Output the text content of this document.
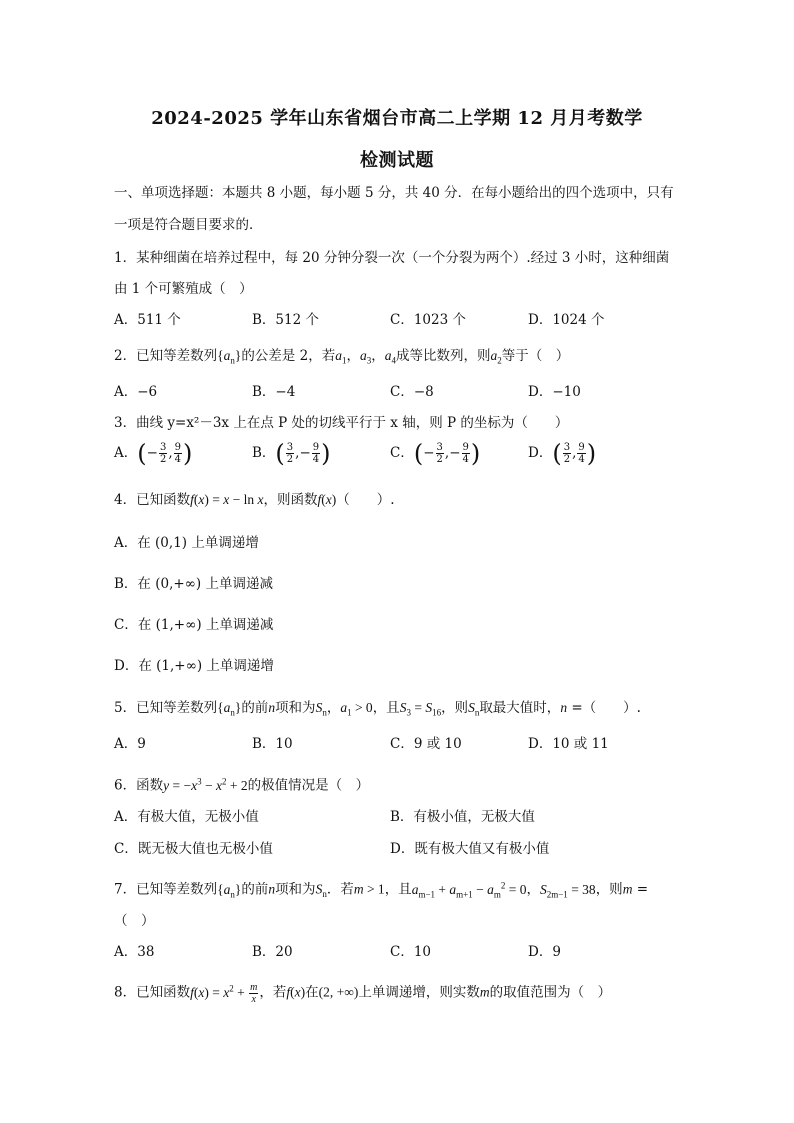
2024-2025 学年山东省烟台市高二上学期 12 月月考数学
检测试题
一、单项选择题：本题共 8 小题，每小题 5 分，共 40 分．在每小题给出的四个选项中，只有
一项是符合题目要求的．
1．某种细菌在培养过程中，每 20 分钟分裂一次（一个分裂为两个）.经过 3 小时，这种细菌
由 1 个可繁殖成（　）
A．511 个	B．512 个	C．1023 个	D．1024 个
2．已知等差数列$\{a_n\}$的公差是 2，若$a_1$，$a_3$，$a_4$成等比数列，则$a_2$等于（　）
A．−6	B．−4	C．−8	D．−10
3．曲线 y=x²－3x 上在点 P 处的切线平行于 x 轴，则 P 的坐标为（　　）
A．(− $\frac{3}{2}$ , $\frac{9}{4}$ )	B．( $\frac{3}{2}$ ,− $\frac{9}{4}$ )	C．(− $\frac{3}{2}$ ,− $\frac{9}{4}$ )	D．( $\frac{3}{2}$ , $\frac{9}{4}$ )
4．已知函数f(x) = x − ln x，则函数f(x)（　　）.
A．在 (0,1) 上单调递增
B．在 (0,+∞) 上单调递减
C．在 (1,+∞) 上单调递减
D．在 (1,+∞) 上单调递增
5．已知等差数列$\{a_n\}$的前n项和为$S_n$，$a_1 > 0$，且$S_3 = S_{16}$，则$S_n$取最大值时，n =（　　）.
A．9	B．10	C．9 或 10	D．10 或 11
6．函数$y = -x^3 - x^2 + 2$的极值情况是（　）
A．有极大值，无极小值	B．有极小值，无极大值
C．既无极大值也无极小值	D．既有极大值又有极小值
7．已知等差数列$\{a_n\}$的前n项和为$S_n$．若m > 1，且$a_{m-1} + a_{m+1} - a_m^2 = 0$，$S_{2m-1} = 38$，则m =
（　）
A．38	B．20	C．10	D．9
8．已知函数$f(x) = x^2 + \frac{m}{x}$ ，若f(x)在(2, +∞)上单调递增，则实数m的取值范围为（　）
